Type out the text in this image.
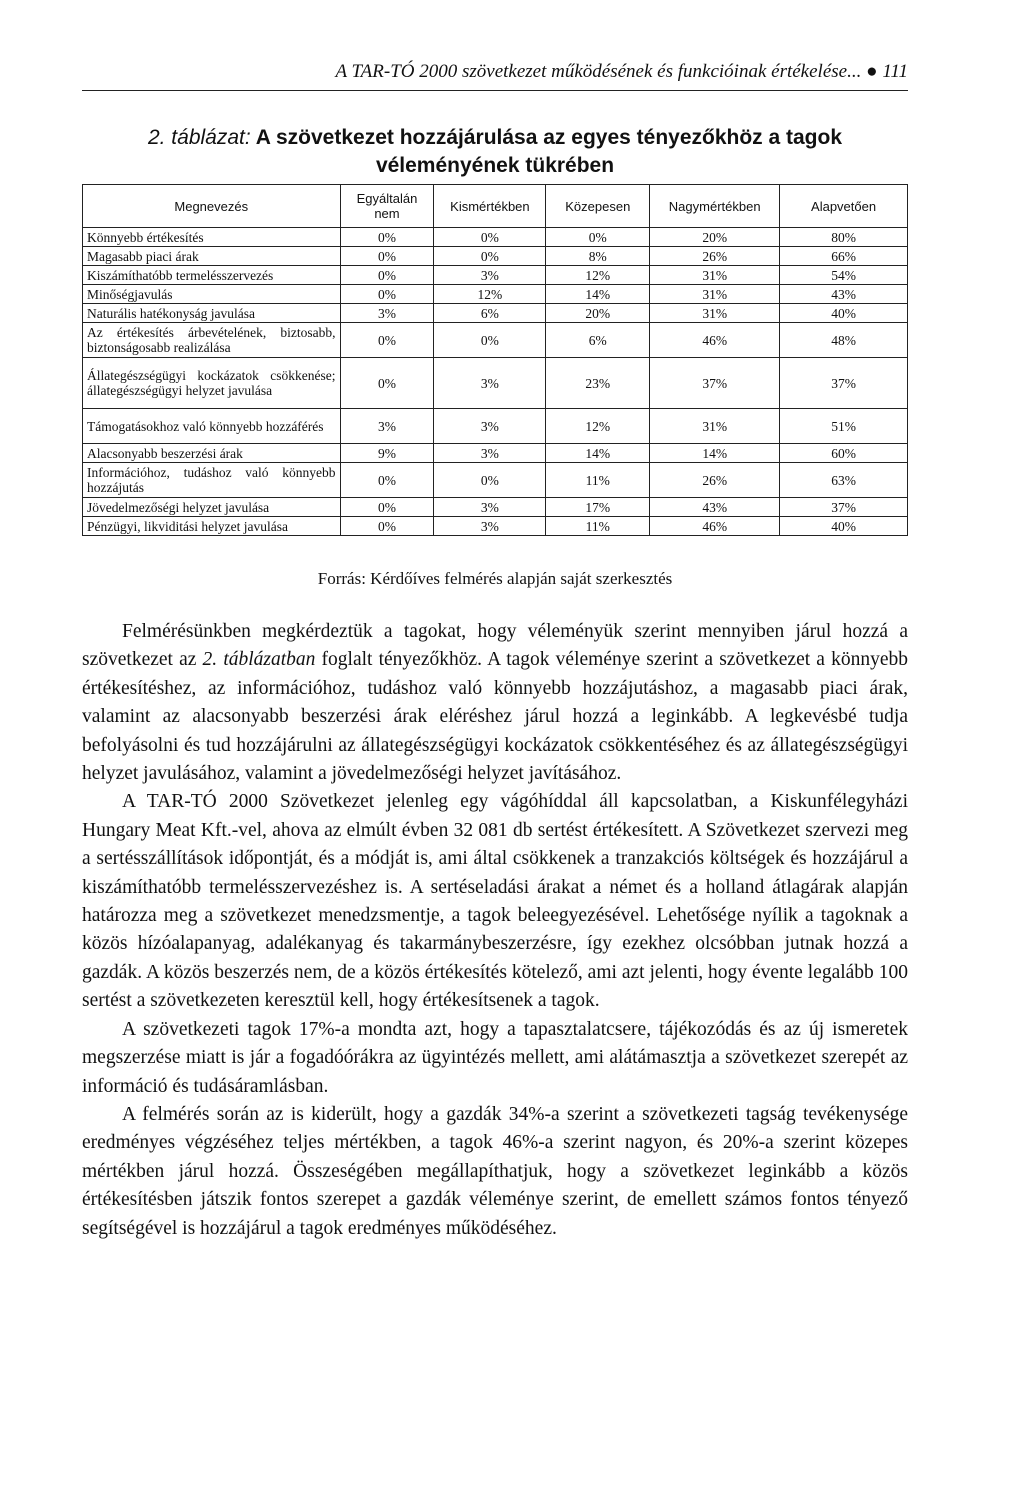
A TAR-TÓ 2000 szövetkezet működésének és funkcióinak értékelése... ● 111
2. táblázat: A szövetkezet hozzájárulása az egyes tényezőkhöz a tagok véleményének tükrében
Megnevezés	Egyáltalán nem	Kismértékben	Közepesen	Nagymértékben	Alapvetően
Könnyebb értékesítés	0%	0%	0%	20%	80%
Magasabb piaci árak	0%	0%	8%	26%	66%
Kiszámíthatóbb termelésszervezés	0%	3%	12%	31%	54%
Minőségjavulás	0%	12%	14%	31%	43%
Naturális hatékonyság javulása	3%	6%	20%	31%	40%
Az értékesítés árbevételének, biztosabb, biztonságosabb realizálása	0%	0%	6%	46%	48%
Állategészségügyi kockázatok csökkenése; állategészségügyi helyzet javulása	0%	3%	23%	37%	37%
Támogatásokhoz való könnyebb hozzáférés	3%	3%	12%	31%	51%
Alacsonyabb beszerzési árak	9%	3%	14%	14%	60%
Információhoz, tudáshoz való könnyebb hozzájutás	0%	0%	11%	26%	63%
Jövedelmezőségi helyzet javulása	0%	3%	17%	43%	37%
Pénzügyi, likviditási helyzet javulása	0%	3%	11%	46%	40%
Forrás: Kérdőíves felmérés alapján saját szerkesztés

Felmérésünkben megkérdeztük a tagokat, hogy véleményük szerint mennyiben járul hozzá a szövetkezet az 2. táblázatban foglalt tényezőkhöz. A tagok véleménye szerint a szövetkezet a könnyebb értékesítéshez, az információhoz, tudáshoz való könnyebb hozzájutáshoz, a magasabb piaci árak, valamint az alacsonyabb beszerzési árak eléréshez járul hozzá a leginkább. A legkevésbé tudja befolyásolni és tud hozzájárulni az állategészségügyi kockázatok csökkentéséhez és az állategészségügyi helyzet javulásához, valamint a jövedelmezőségi helyzet javításához.

A TAR-TÓ 2000 Szövetkezet jelenleg egy vágóhíddal áll kapcsolatban, a Kiskunfélegyházi Hungary Meat Kft.-vel, ahova az elmúlt évben 32 081 db sertést értékesített. A Szövetkezet szervezi meg a sertésszállítások időpontját, és a módját is, ami által csökkenek a tranzakciós költségek és hozzájárul a kiszámíthatóbb termelésszervezéshez is. A sertéseladási árakat a német és a holland átlagárak alapján határozza meg a szövetkezet menedzsmentje, a tagok beleegyezésével. Lehetősége nyílik a tagoknak a közös hízóalapanyag, adalékanyag és takarmánybeszerzésre, így ezekhez olcsóbban jutnak hozzá a gazdák. A közös beszerzés nem, de a közös értékesítés kötelező, ami azt jelenti, hogy évente legalább 100 sertést a szövetkezeten keresztül kell, hogy értékesítsenek a tagok.

A szövetkezeti tagok 17%-a mondta azt, hogy a tapasztalatcsere, tájékozódás és az új ismeretek megszerzése miatt is jár a fogadóórákra az ügyintézés mellett, ami alátámasztja a szövetkezet szerepét az információ és tudásáramlásban.

A felmérés során az is kiderült, hogy a gazdák 34%-a szerint a szövetkezeti tagság tevékenysége eredményes végzéséhez teljes mértékben, a tagok 46%-a szerint nagyon, és 20%-a szerint közepes mértékben járul hozzá. Összeségében megállapíthatjuk, hogy a szövetkezet leginkább a közös értékesítésben játszik fontos szerepet a gazdák véleménye szerint, de emellett számos fontos tényező segítségével is hozzájárul a tagok eredményes működéséhez.
